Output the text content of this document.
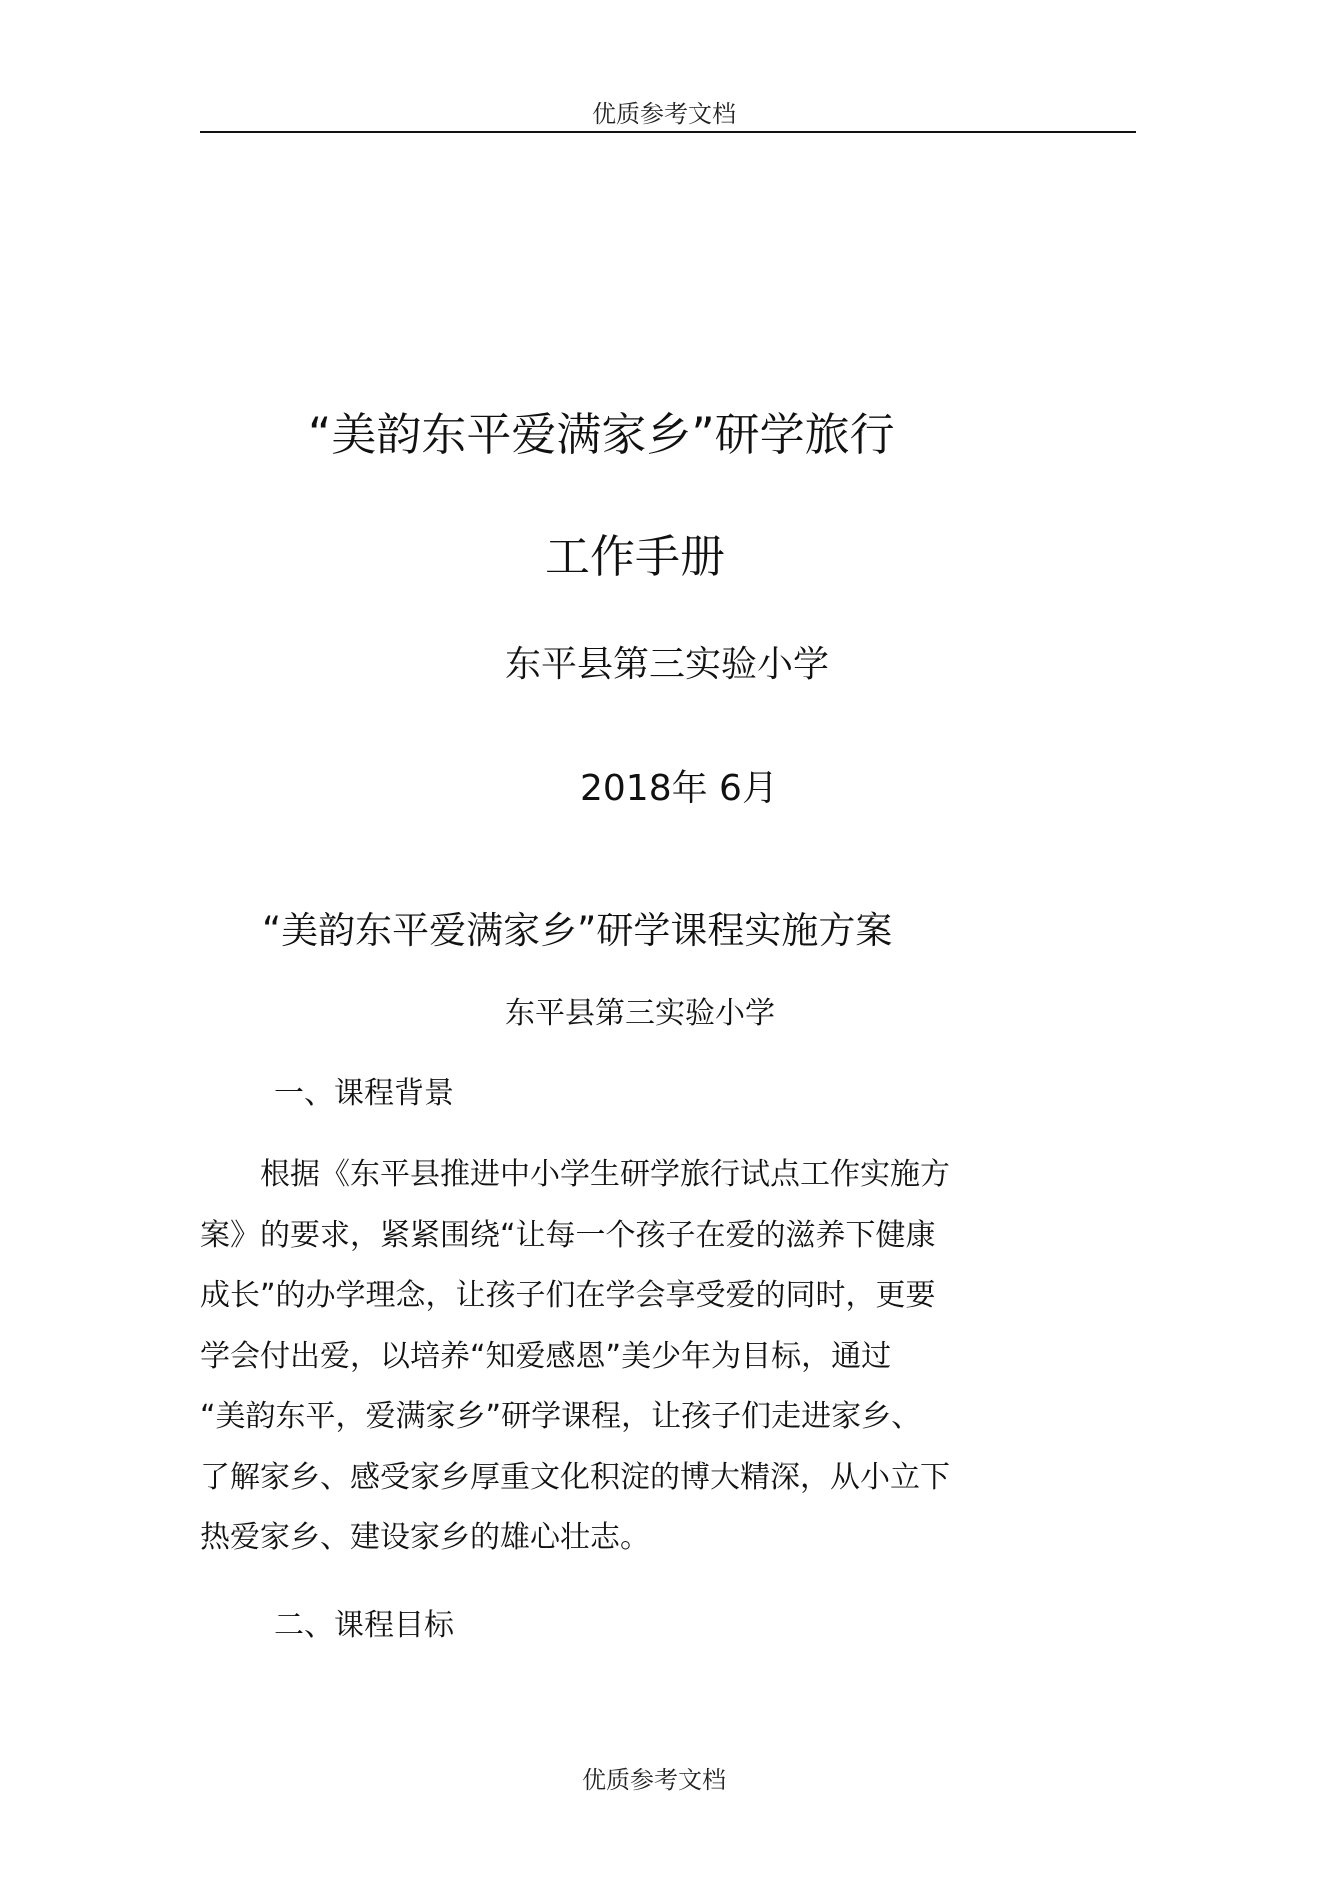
优质参考文档
“美韵东平爱满家乡”研学旅行
工作手册
东平县第三实验小学
2018年 6月
“美韵东平爱满家乡”研学课程实施方案
东平县第三实验小学
一、课程背景
　　根据《东平县推进中小学生研学旅行试点工作实施方
案》的要求，紧紧围绕“让每一个孩子在爱的滋养下健康
成长”的办学理念，让孩子们在学会享受爱的同时，更要
学会付出爱，以培养“知爱感恩”美少年为目标，通过
“美韵东平，爱满家乡”研学课程，让孩子们走进家乡、
了解家乡、感受家乡厚重文化积淀的博大精深，从小立下
热爱家乡、建设家乡的雄心壮志。
二、课程目标
优质参考文档
